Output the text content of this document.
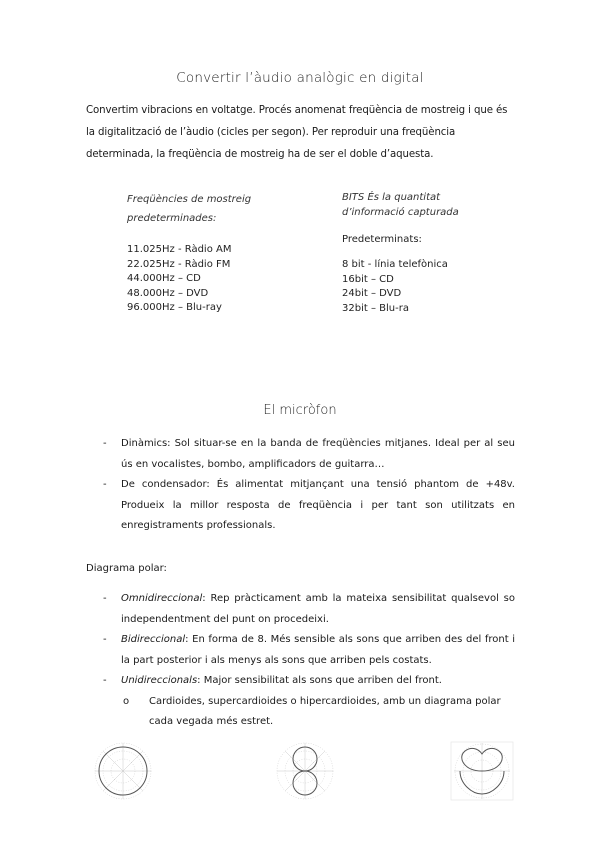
Convertir l’àudio analògic en digital
Convertim vibracions en voltatge. Procés anomenat freqüència de mostreig i que és la digitalització de l’àudio (cicles per segon). Per reproduir una freqüència determinada, la freqüència de mostreig ha de ser el doble d’aquesta.
Freqüències de mostreig
predeterminades:
11.025Hz - Ràdio AM
22.025Hz - Ràdio FM
44.000Hz – CD
48.000Hz – DVD
96.000Hz – Blu-ray
BITS És la quantitat
d’informació capturada
Predeterminats:
8 bit - línia telefònica
16bit – CD
24bit – DVD
32bit – Blu-ra
El micròfon
- Dinàmics: Sol situar-se en la banda de freqüències mitjanes. Ideal per al seu ús en vocalistes, bombo, amplificadors de guitarra…
- De condensador: És alimentat mitjançant una tensió phantom de +48v. Produeix la millor resposta de freqüència i per tant son utilitzats en enregistraments professionals.
Diagrama polar:
- Omnidireccional: Rep pràcticament amb la mateixa sensibilitat qualsevol so independentment del punt on procedeixi.
- Bidireccional: En forma de 8. Més sensible als sons que arriben des del front i la part posterior i als menys als sons que arriben pels costats.
- Unidireccionals: Major sensibilitat als sons que arriben del front.
o Cardioides, supercardioides o hipercardioides, amb un diagrama polar cada vegada més estret.
